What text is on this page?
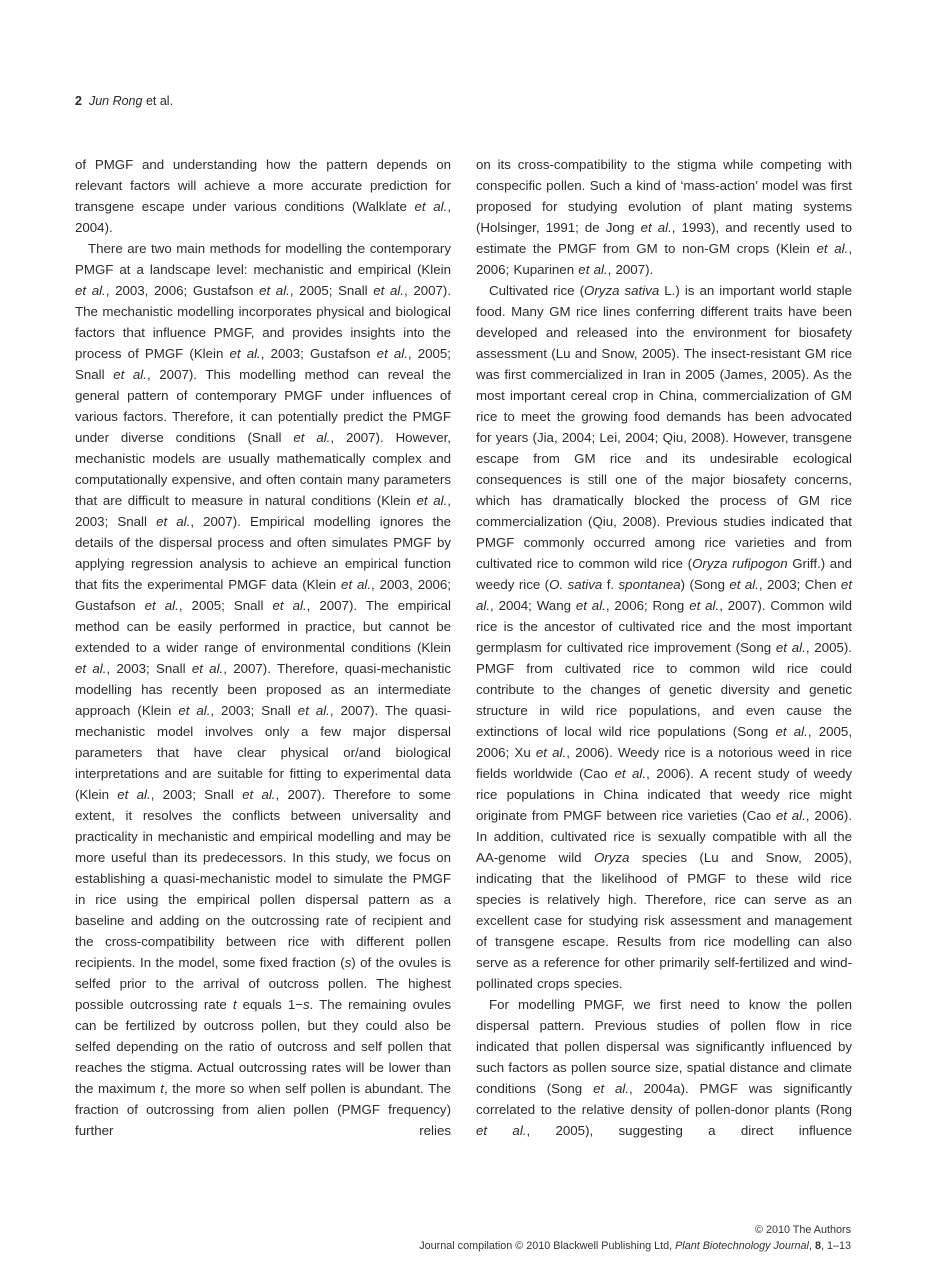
2 Jun Rong et al.

of PMGF and understanding how the pattern depends on relevant factors will achieve a more accurate prediction for transgene escape under various conditions (Walklate et al., 2004).

There are two main methods for modelling the contemporary PMGF at a landscape level: mechanistic and empirical (Klein et al., 2003, 2006; Gustafson et al., 2005; Snall et al., 2007). The mechanistic modelling incorporates physical and biological factors that influence PMGF, and provides insights into the process of PMGF (Klein et al., 2003; Gustafson et al., 2005; Snall et al., 2007). This modelling method can reveal the general pattern of contemporary PMGF under influences of various factors. Therefore, it can potentially predict the PMGF under diverse conditions (Snall et al., 2007). However, mechanistic models are usually mathematically complex and computationally expensive, and often contain many parameters that are difficult to measure in natural conditions (Klein et al., 2003; Snall et al., 2007). Empirical modelling ignores the details of the dispersal process and often simulates PMGF by applying regression analysis to achieve an empirical function that fits the experimental PMGF data (Klein et al., 2003, 2006; Gustafson et al., 2005; Snall et al., 2007). The empirical method can be easily performed in practice, but cannot be extended to a wider range of environmental conditions (Klein et al., 2003; Snall et al., 2007). Therefore, quasi-mechanistic modelling has recently been proposed as an intermediate approach (Klein et al., 2003; Snall et al., 2007). The quasi-mechanistic model involves only a few major dispersal parameters that have clear physical or/and biological interpretations and are suitable for fitting to experimental data (Klein et al., 2003; Snall et al., 2007). Therefore to some extent, it resolves the conflicts between universality and practicality in mechanistic and empirical modelling and may be more useful than its predecessors. In this study, we focus on establishing a quasi-mechanistic model to simulate the PMGF in rice using the empirical pollen dispersal pattern as a baseline and adding on the outcrossing rate of recipient and the cross-compatibility between rice with different pollen recipients. In the model, some fixed fraction (s) of the ovules is selfed prior to the arrival of outcross pollen. The highest possible outcrossing rate t equals 1−s. The remaining ovules can be fertilized by outcross pollen, but they could also be selfed depending on the ratio of outcross and self pollen that reaches the stigma. Actual outcrossing rates will be lower than the maximum t, the more so when self pollen is abundant. The fraction of outcrossing from alien pollen (PMGF frequency) further relies

on its cross-compatibility to the stigma while competing with conspecific pollen. Such a kind of ‘mass-action’ model was first proposed for studying evolution of plant mating systems (Holsinger, 1991; de Jong et al., 1993), and recently used to estimate the PMGF from GM to non-GM crops (Klein et al., 2006; Kuparinen et al., 2007).

Cultivated rice (Oryza sativa L.) is an important world staple food. Many GM rice lines conferring different traits have been developed and released into the environment for biosafety assessment (Lu and Snow, 2005). The insect-resistant GM rice was first commercialized in Iran in 2005 (James, 2005). As the most important cereal crop in China, commercialization of GM rice to meet the growing food demands has been advocated for years (Jia, 2004; Lei, 2004; Qiu, 2008). However, transgene escape from GM rice and its undesirable ecological consequences is still one of the major biosafety concerns, which has dramatically blocked the process of GM rice commercialization (Qiu, 2008). Previous studies indicated that PMGF commonly occurred among rice varieties and from cultivated rice to common wild rice (Oryza rufipogon Griff.) and weedy rice (O. sativa f. spontanea) (Song et al., 2003; Chen et al., 2004; Wang et al., 2006; Rong et al., 2007). Common wild rice is the ancestor of cultivated rice and the most important germplasm for cultivated rice improvement (Song et al., 2005). PMGF from cultivated rice to common wild rice could contribute to the changes of genetic diversity and genetic structure in wild rice populations, and even cause the extinctions of local wild rice populations (Song et al., 2005, 2006; Xu et al., 2006). Weedy rice is a notorious weed in rice fields worldwide (Cao et al., 2006). A recent study of weedy rice populations in China indicated that weedy rice might originate from PMGF between rice varieties (Cao et al., 2006). In addition, cultivated rice is sexually compatible with all the AA-genome wild Oryza species (Lu and Snow, 2005), indicating that the likelihood of PMGF to these wild rice species is relatively high. Therefore, rice can serve as an excellent case for studying risk assessment and management of transgene escape. Results from rice modelling can also serve as a reference for other primarily self-fertilized and wind-pollinated crops species.

For modelling PMGF, we first need to know the pollen dispersal pattern. Previous studies of pollen flow in rice indicated that pollen dispersal was significantly influenced by such factors as pollen source size, spatial distance and climate conditions (Song et al., 2004a). PMGF was significantly correlated to the relative density of pollen-donor plants (Rong et al., 2005), suggesting a direct influence

© 2010 The Authors
Journal compilation © 2010 Blackwell Publishing Ltd, Plant Biotechnology Journal, 8, 1–13
